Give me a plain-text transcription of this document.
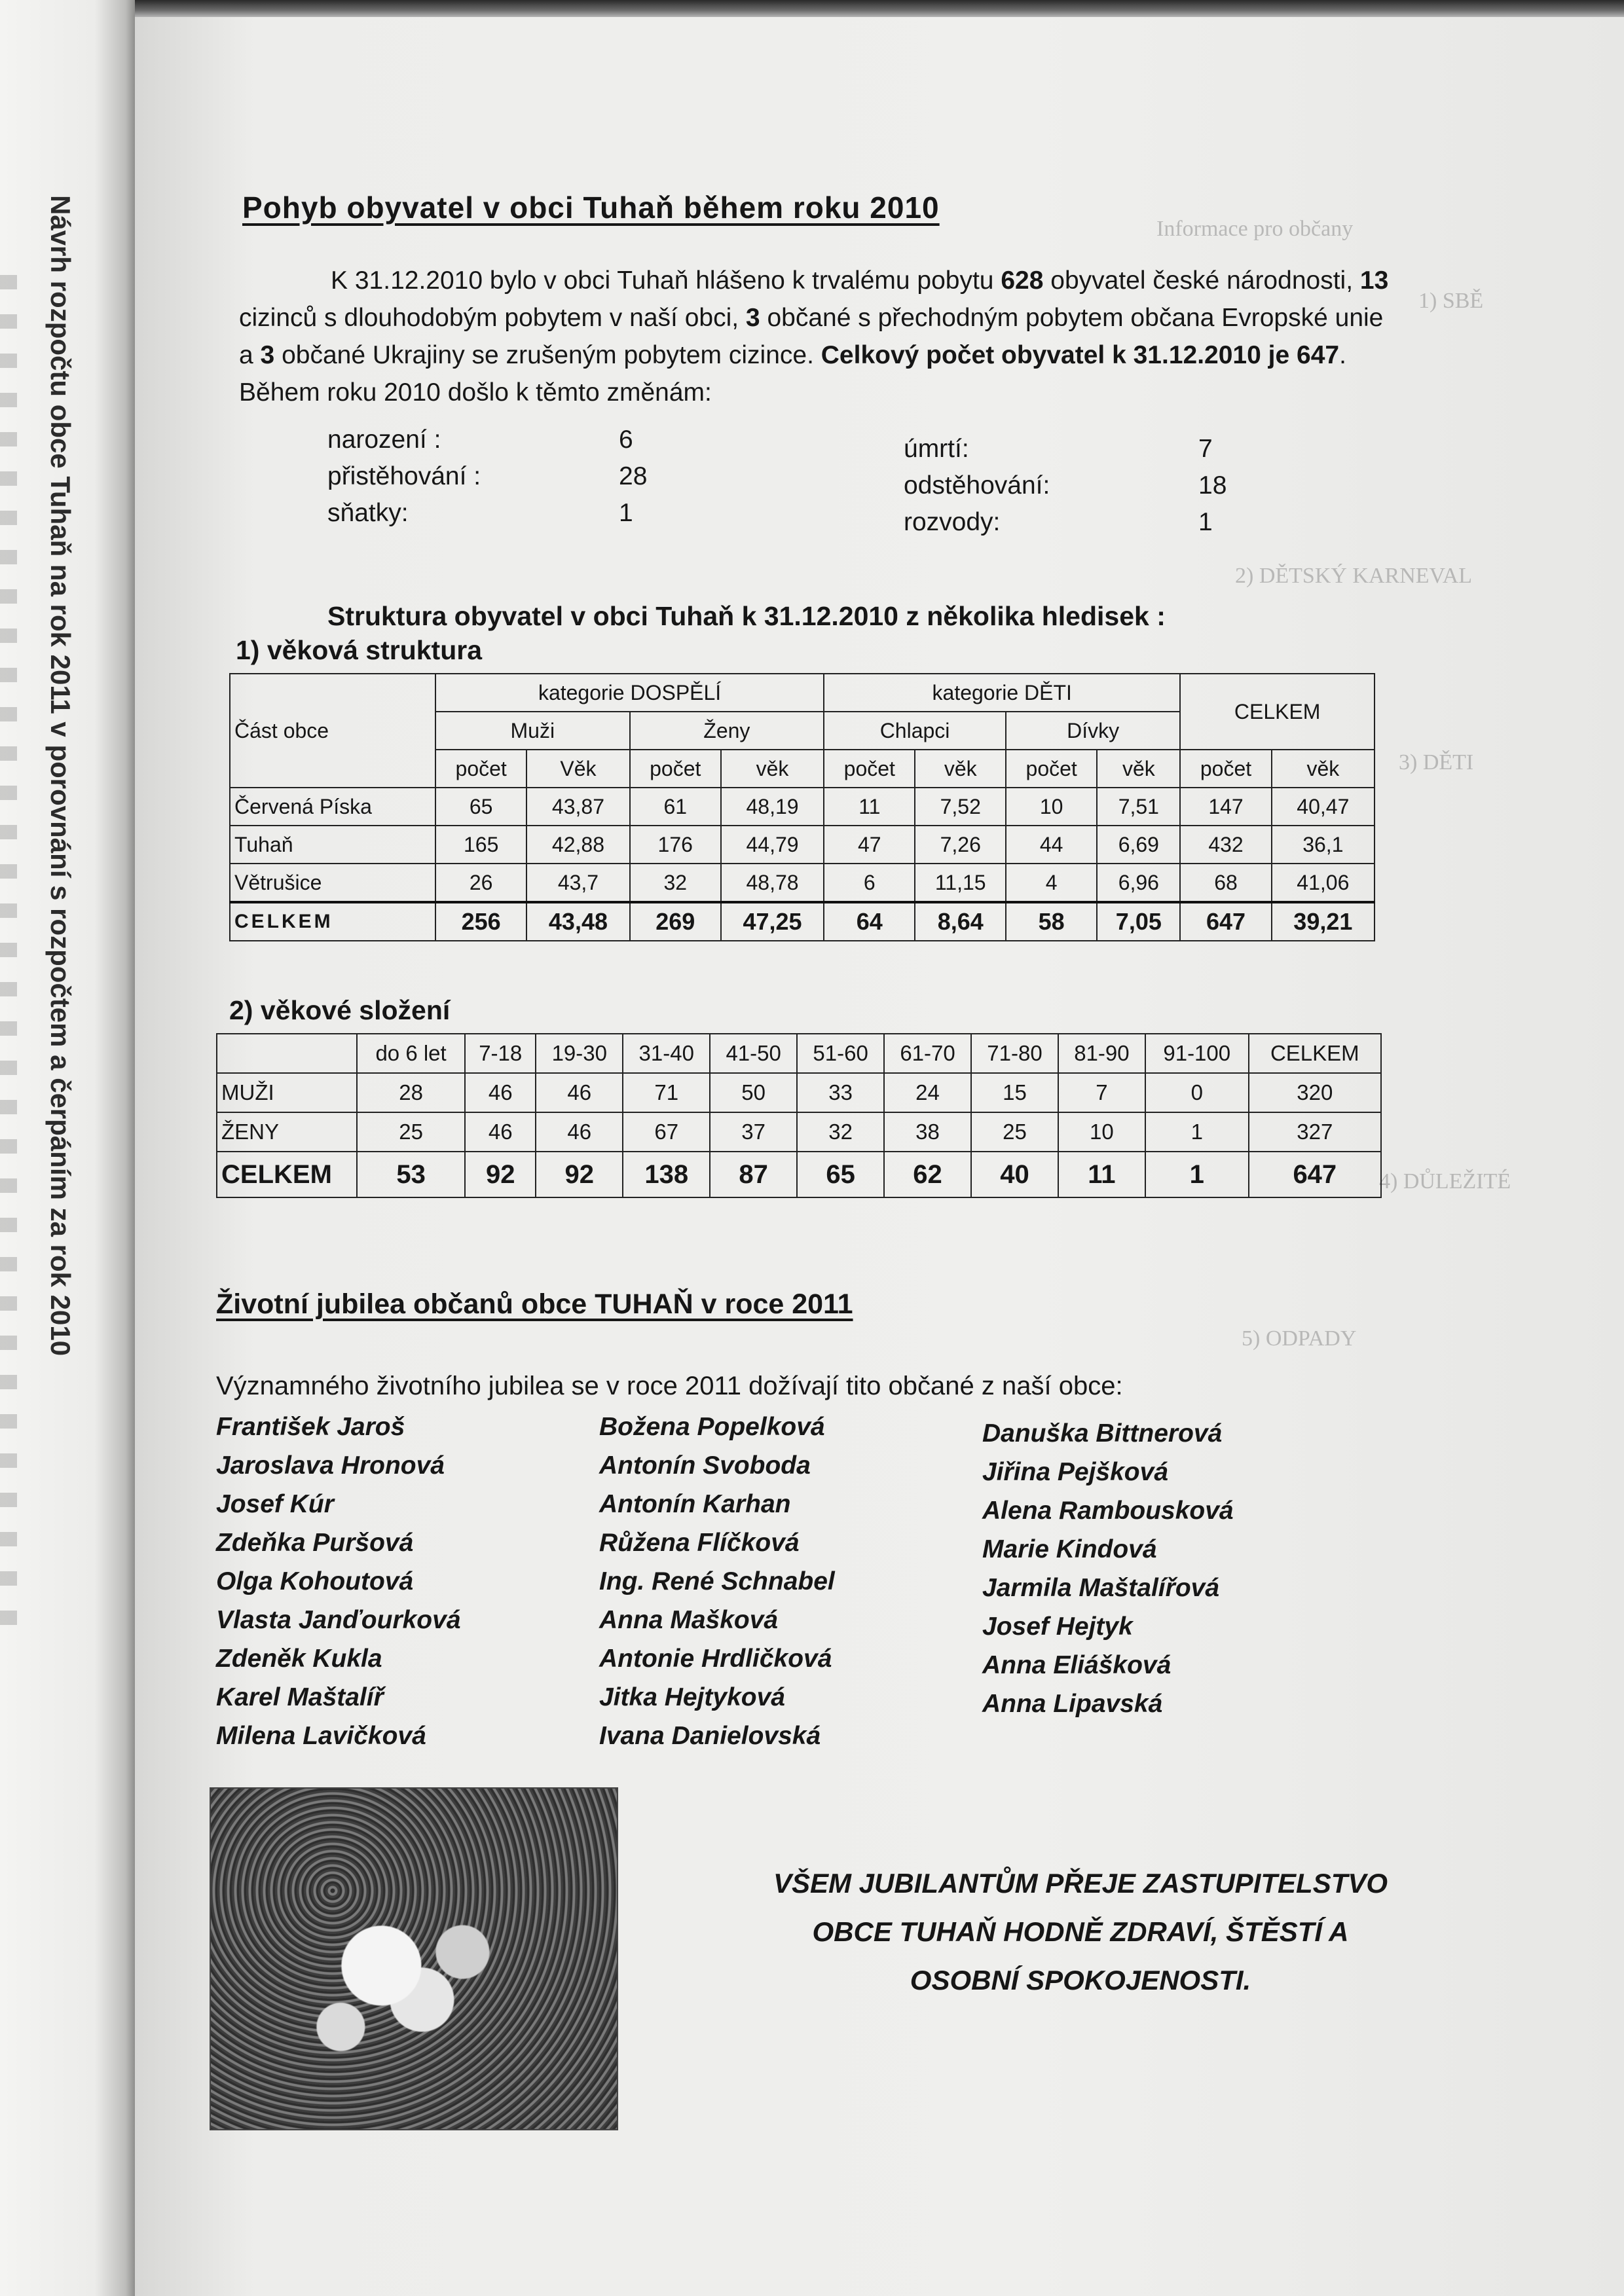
Návrh rozpočtu obce Tuhaň na rok 2011 v porovnání s rozpočtem a čerpáním za rok 2010	Informace pro občany
1) SBĚ
2) DĚTSKÝ KARNEVAL
3) DĚTI
4) DŮLEŽITÉ
5) ODPADY
Pohyb obyvatel v obci Tuhaň během roku 2010
K 31.12.2010 bylo v obci Tuhaň hlášeno k trvalému pobytu 628 obyvatel české národnosti, 13 cizinců s dlouhodobým pobytem v naší obci, 3 občané s přechodným pobytem občana Evropské unie a 3 občané Ukrajiny se zrušeným pobytem cizince. Celkový počet obyvatel k 31.12.2010 je 647. Během roku 2010 došlo k těmto změnám:
narození :	6
přistěhování :	28
sňatky:	1
úmrtí:	7
odstěhování:	18
rozvody:	1
Struktura obyvatel v obci Tuhaň k 31.12.2010 z několika hledisek :
1) věková struktura
Část obce	kategorie DOSPĚLÍ				kategorie DĚTI				CELKEM	
	Muži		Ženy		Chlapci		Dívky			
	počet	Věk	počet	věk	počet	věk	počet	věk	počet	věk
Červená Píska	65	43,87	61	48,19	11	7,52	10	7,51	147	40,47
Tuhaň	165	42,88	176	44,79	47	7,26	44	6,69	432	36,1
Větrušice	26	43,7	32	48,78	6	11,15	4	6,96	68	41,06
CELKEM	256	43,48	269	47,25	64	8,64	58	7,05	647	39,21
2) věkové složení
	do 6 let	7-18	19-30	31-40	41-50	51-60	61-70	71-80	81-90	91-100	CELKEM
MUŽI	28	46	46	71	50	33	24	15	7	0	320
ŽENY	25	46	46	67	37	32	38	25	10	1	327
CELKEM	53	92	92	138	87	65	62	40	11	1	647
Životní jubilea občanů obce TUHAŇ v roce 2011
Významného životního jubilea se v roce 2011 dožívají tito občané z naší obce:
František Jaroš
Jaroslava Hronová
Josef Kúr
Zdeňka Puršová
Olga Kohoutová
Vlasta Janďourková
Zdeněk Kukla
Karel Maštalíř
Milena Lavičková
Božena Popelková
Antonín Svoboda
Antonín Karhan
Růžena Flíčková
Ing. René Schnabel
Anna Mašková
Antonie Hrdličková
Jitka Hejtyková
Ivana Danielovská
Danuška Bittnerová
Jiřina Pejšková
Alena Rambousková
Marie Kindová
Jarmila Maštalířová
Josef Hejtyk
Anna Eliášková
Anna Lipavská
VŠEM JUBILANTŮM PŘEJE ZASTUPITELSTVO
OBCE TUHAŇ HODNĚ ZDRAVÍ, ŠTĚSTÍ A
OSOBNÍ SPOKOJENOSTI.
